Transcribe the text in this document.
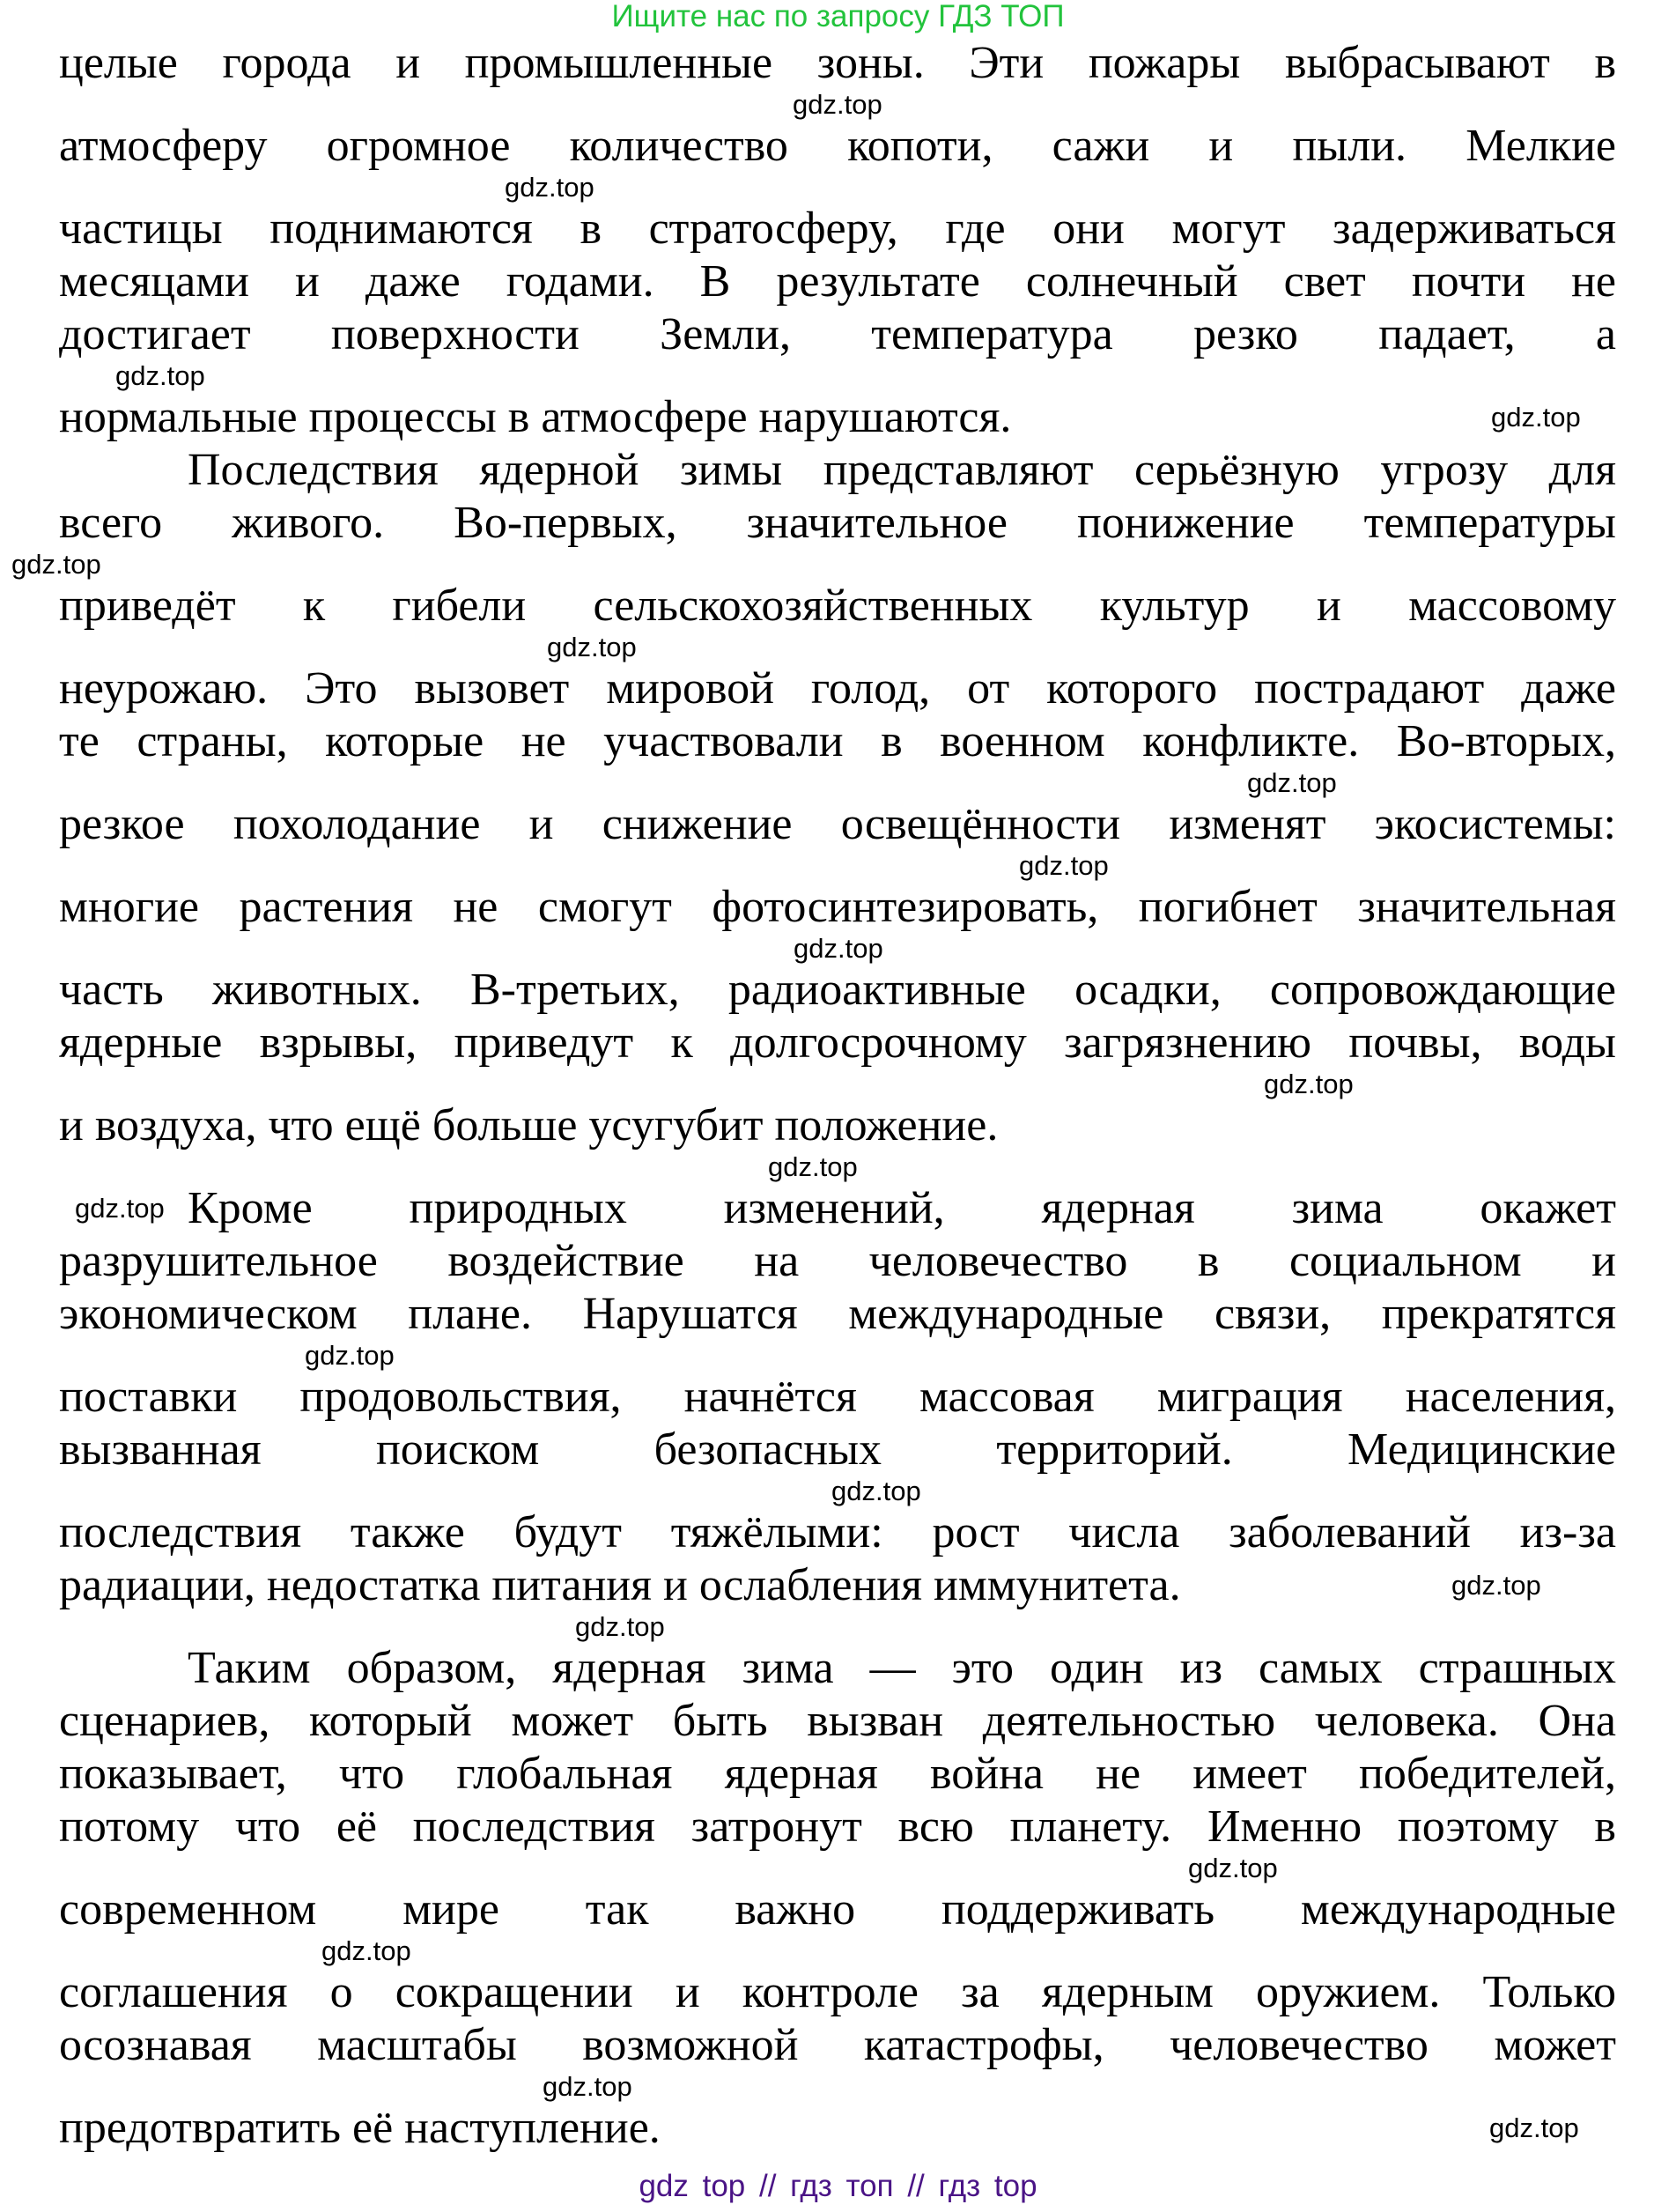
Ищите нас по запросу ГДЗ ТОП
целые города и промышленные зоны. Эти пожары выбрасывают в
gdz.top
атмосферу огромное количество копоти, сажи и пыли. Мелкие
gdz.top
частицы поднимаются в стратосферу, где они могут задерживаться
месяцами и даже годами. В результате солнечный свет почти не
достигает поверхности Земли, температура резко падает, а
gdz.top
нормальные процессы в атмосфере нарушаются.	gdz.top
Последствия ядерной зимы представляют серьёзную угрозу для
всего живого. Во-первых, значительное понижение температуры
gdz.top
приведёт к гибели сельскохозяйственных культур и массовому
gdz.top
неурожаю. Это вызовет мировой голод, от которого пострадают даже
те страны, которые не участвовали в военном конфликте. Во-вторых,
gdz.top
резкое похолодание и снижение освещённости изменят экосистемы:
gdz.top
многие растения не смогут фотосинтезировать, погибнет значительная
gdz.top
часть животных. В-третьих, радиоактивные осадки, сопровождающие
ядерные взрывы, приведут к долгосрочному загрязнению почвы, воды
gdz.top
и воздуха, что ещё больше усугубит положение.
gdz.top
Кроме природных изменений, ядерная зима окажет
gdz.top
разрушительное воздействие на человечество в социальном и
экономическом плане. Нарушатся международные связи, прекратятся
gdz.top
поставки продовольствия, начнётся массовая миграция населения,
вызванная поиском безопасных территорий. Медицинские
gdz.top
последствия также будут тяжёлыми: рост числа заболеваний из-за
радиации, недостатка питания и ослабления иммунитета.	gdz.top
gdz.top
Таким образом, ядерная зима — это один из самых страшных
сценариев, который может быть вызван деятельностью человека. Она
показывает, что глобальная ядерная война не имеет победителей,
потому что её последствия затронут всю планету. Именно поэтому в
gdz.top
современном мире так важно поддерживать международные
gdz.top
соглашения о сокращении и контроле за ядерным оружием. Только
осознавая масштабы возможной катастрофы, человечество может
gdz.top
предотвратить её наступление.	gdz.top
gdz top // гдз топ // гдз top
